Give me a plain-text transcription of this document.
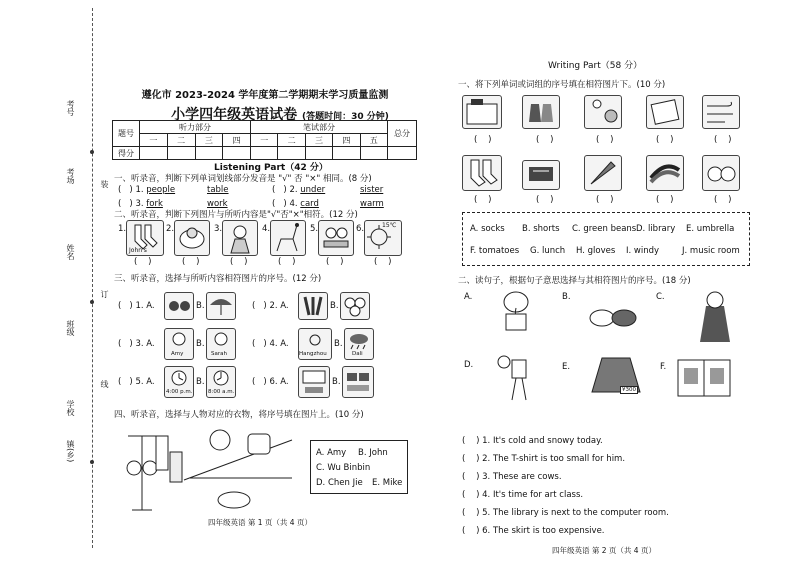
考号
考场
姓名
班级
学校
镇(乡)
装
订
线
遵化市 2023-2024 学年度第二学期期末学习质量监测
小学四年级英语试卷 (答题时间：30 分钟)
题号	听力部分				笔试部分					总分
	一	二	三	四	一	二	三	四	五	
得分										
Listening Part（42 分）
一、听录音，判断下列单词划线部分发音是 "√" 否 "×" 相同。(8 分)
(   ) 1. people	table	(   ) 2. under	sister
(   ) 3. fork	work	(   ) 4. card	warm
二、听录音，判断下列图片与所听内容是"√"否"×"相符。(12 分)
1.
John's
2.	3.	4.	5.	6.	15℃
(    )	(    )	(    )	(    )	(    )	(    )
三、听录音，选择与所听内容相符图片的序号。(12 分)
(   ) 1. A.	B.	(   ) 2. A.	B.
(   ) 3. A.
Amy
B.
Sarah
(   ) 4. A.
Hangzhou
B.
Dali
(   ) 5. A.
4:00 p.m.
B.
8:00 a.m.
(   ) 6. A.	B.
四、听录音，选择与人物对应的衣物，将序号填在图片上。(10 分)
A. Amy B. John
C. Wu Binbin
D. Chen Jie E. Mike
四年级英语 第 1 页（共 4 页）
Writing Part（58 分）
一、将下列单词或词组的序号填在相符图片下。(10 分)
(    )	(    )	(    )	(    )	(    )
(    )	(    )	(    )	(    )	(    )
A. socks B. shorts C. green beans D. library E. umbrella
F. tomatoes G. lunch H. gloves I. windy	J. music room
二、读句子，根据句子意思选择与其相符图片的序号。(18 分)
A.	B.	C.
D.	E.
¥300
F.
(    ) 1. It's cold and snowy today.
(    ) 2. The T-shirt is too small for him.
(    ) 3. These are cows.
(    ) 4. It's time for art class.
(    ) 5. The library is next to the computer room.
(    ) 6. The skirt is too expensive.
四年级英语 第 2 页（共 4 页）
